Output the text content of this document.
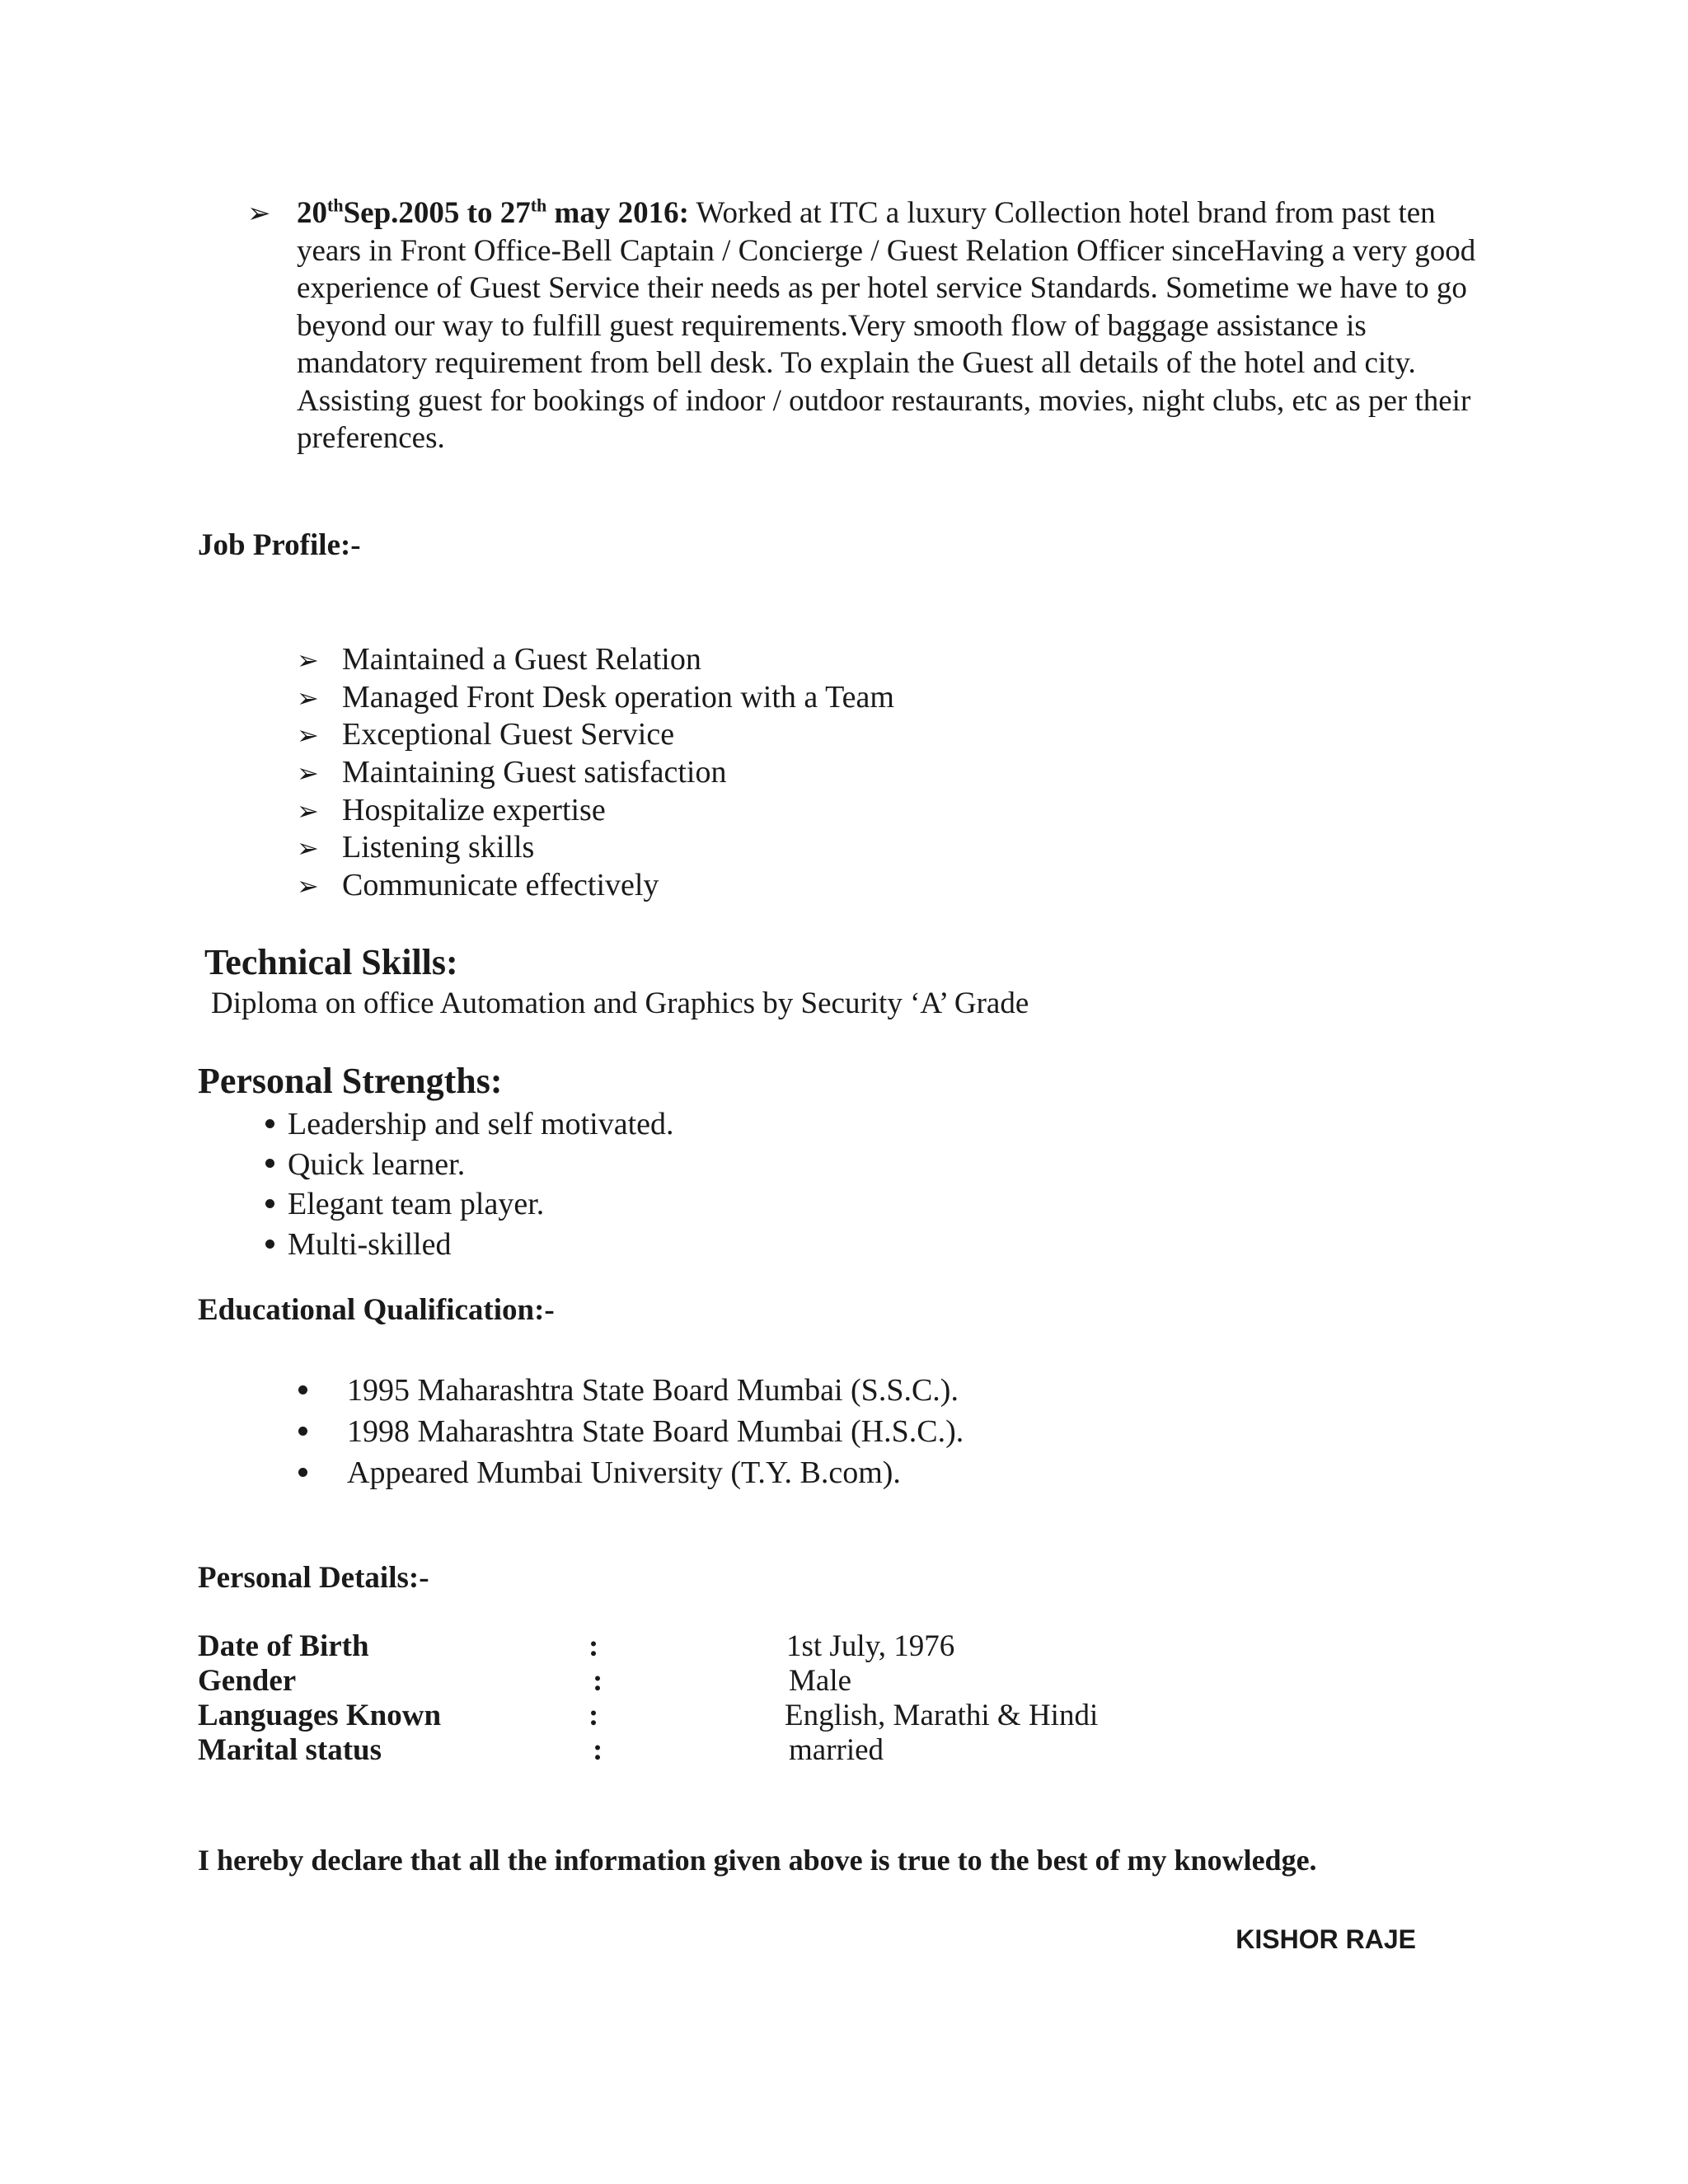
➢ 20thSep.2005 to 27th may 2016: Worked at ITC a luxury Collection hotel brand from past ten years in Front Office-Bell Captain / Concierge / Guest Relation Officer sinceHaving a very good experience of Guest Service their needs as per hotel service Standards. Sometime we have to go beyond our way to fulfill guest requirements.Very smooth flow of baggage assistance is mandatory requirement from bell desk. To explain the Guest all details of the hotel and city. Assisting guest for bookings of indoor / outdoor restaurants, movies, night clubs, etc as per their preferences.
Job Profile:-
➢ Maintained a Guest Relation
➢ Managed Front Desk operation with a Team
➢ Exceptional Guest Service
➢ Maintaining Guest satisfaction
➢ Hospitalize expertise
➢ Listening skills
➢ Communicate effectively
Technical Skills:
Diploma on office Automation and Graphics by Security ‘A’ Grade
Personal Strengths:
Leadership and self motivated.
Quick learner.
Elegant team player.
Multi-skilled
Educational Qualification:-
1995 Maharashtra State Board Mumbai (S.S.C.).
1998 Maharashtra State Board Mumbai (H.S.C.).
Appeared Mumbai University (T.Y. B.com).
Personal Details:-
Date of Birth	:	1st July, 1976
Gender	:	Male
Languages Known	:	English, Marathi & Hindi
Marital status	:	married
I hereby declare that all the information given above is true to the best of my knowledge.
KISHOR RAJE
